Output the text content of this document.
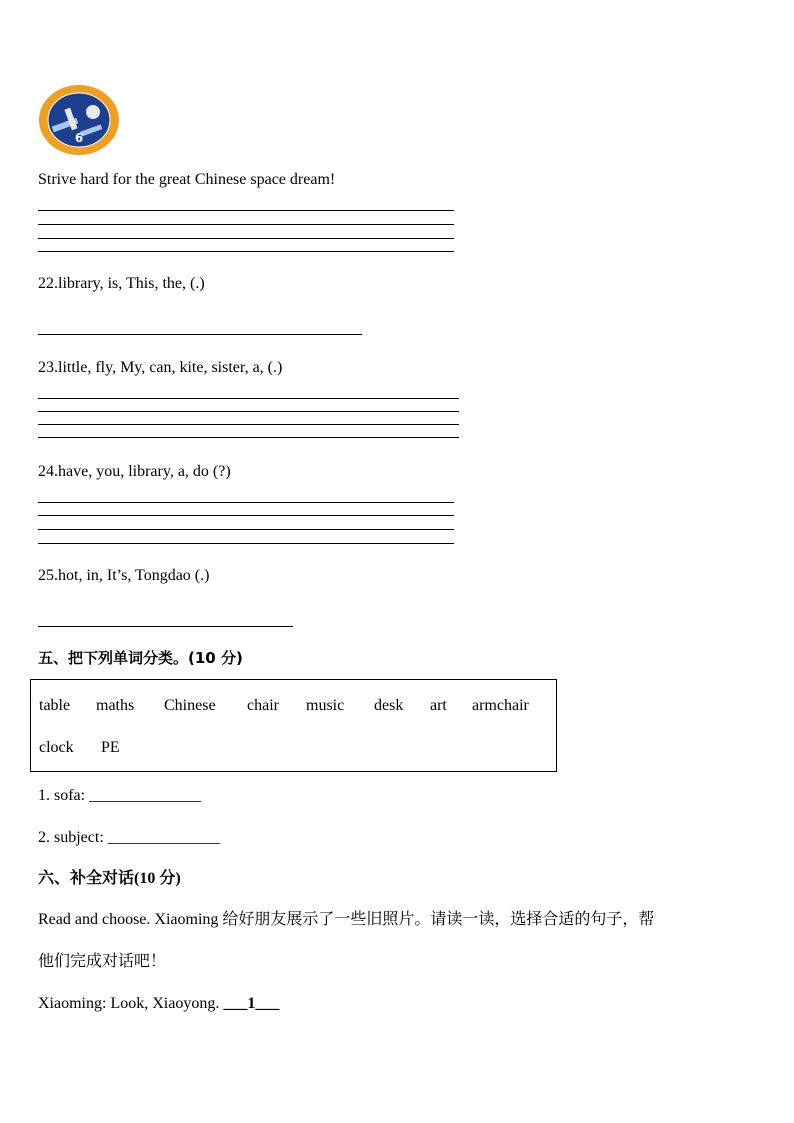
6
Strive hard for the great Chinese space dream!
22.library, is, This, the, (.)
23.little, fly, My, can, kite, sister, a, (.)
24.have, you, library, a, do (?)
25.hot, in, It’s, Tongdao (.)
五、把下列单词分类。(10 分)
table maths Chinese chair music desk art armchair
clock PE
1. sofa: ______________
2. subject: ______________
六、补全对话(10 分)
Read and choose. Xiaoming 给好朋友展示了一些旧照片。请读一读，选择合适的句子，帮
他们完成对话吧！
Xiaoming: Look, Xiaoyong. ___1___
